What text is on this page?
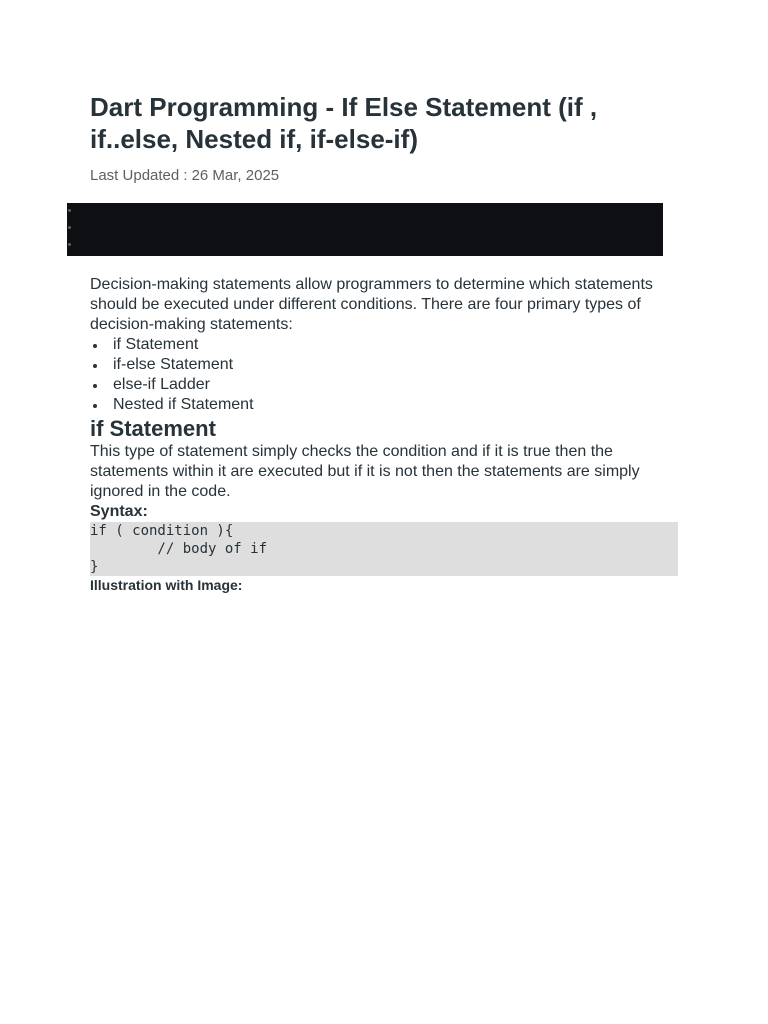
Dart Programming - If Else Statement (if , if..else, Nested if, if-else-if)

Last Updated : 26 Mar, 2025

Decision-making statements allow programmers to determine which statements should be executed under different conditions. There are four primary types of decision-making statements:

if Statement
if-else Statement
else-if Ladder
Nested if Statement
if Statement

This type of statement simply checks the condition and if it is true then the statements within it are executed but if it is not then the statements are simply ignored in the code.

Syntax:

if ( condition ){
// body of if
}

Illustration with Image:
